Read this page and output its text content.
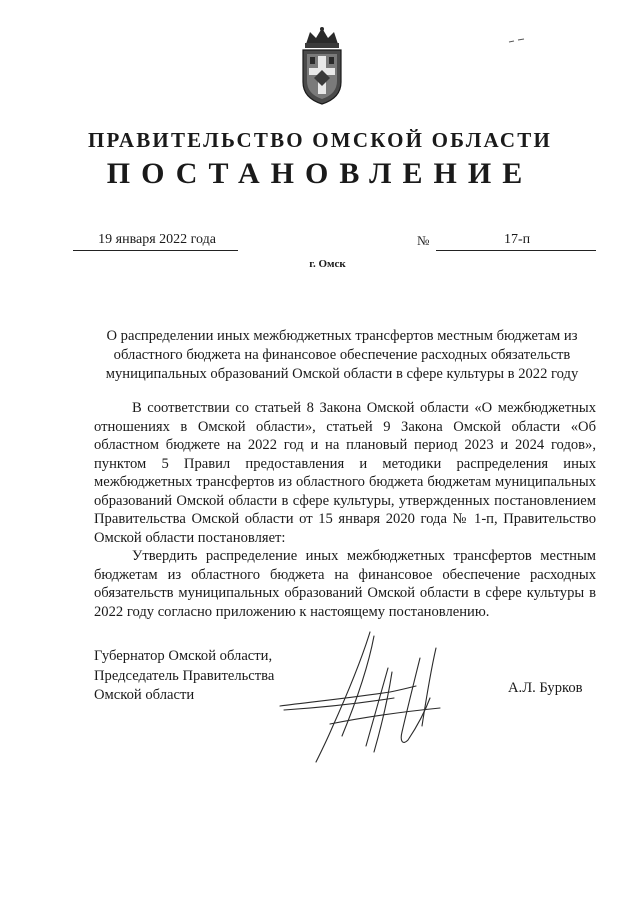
ПРАВИТЕЛЬСТВО ОМСКОЙ ОБЛАСТИ
ПОСТАНОВЛЕНИЕ
19 января 2022 года	№	17-п
г. Омск
О распределении иных межбюджетных трансфертов местным бюджетам из областного бюджета на финансовое обеспечение расходных обязательств муниципальных образований Омской области в сфере культуры в 2022 году

В соответствии со статьей 8 Закона Омской области «О межбюджетных отношениях в Омской области», статьей 9 Закона Омской области «Об областном бюджете на 2022 год и на плановый период 2023 и 2024 годов», пунктом 5 Правил предоставления и методики распределения иных межбюджетных трансфертов из областного бюджета бюджетам муниципальных образований Омской области в сфере культуры, утвержденных постановлением Правительства Омской области от 15 января 2020 года № 1-п, Правительство Омской области постановляет:

Утвердить распределение иных межбюджетных трансфертов местным бюджетам из областного бюджета на финансовое обеспечение расходных обязательств муниципальных образований Омской области в сфере культуры в 2022 году согласно приложению к настоящему постановлению.

Губернатор Омской области,
Председатель Правительства
Омской области	А.Л. Бурков
